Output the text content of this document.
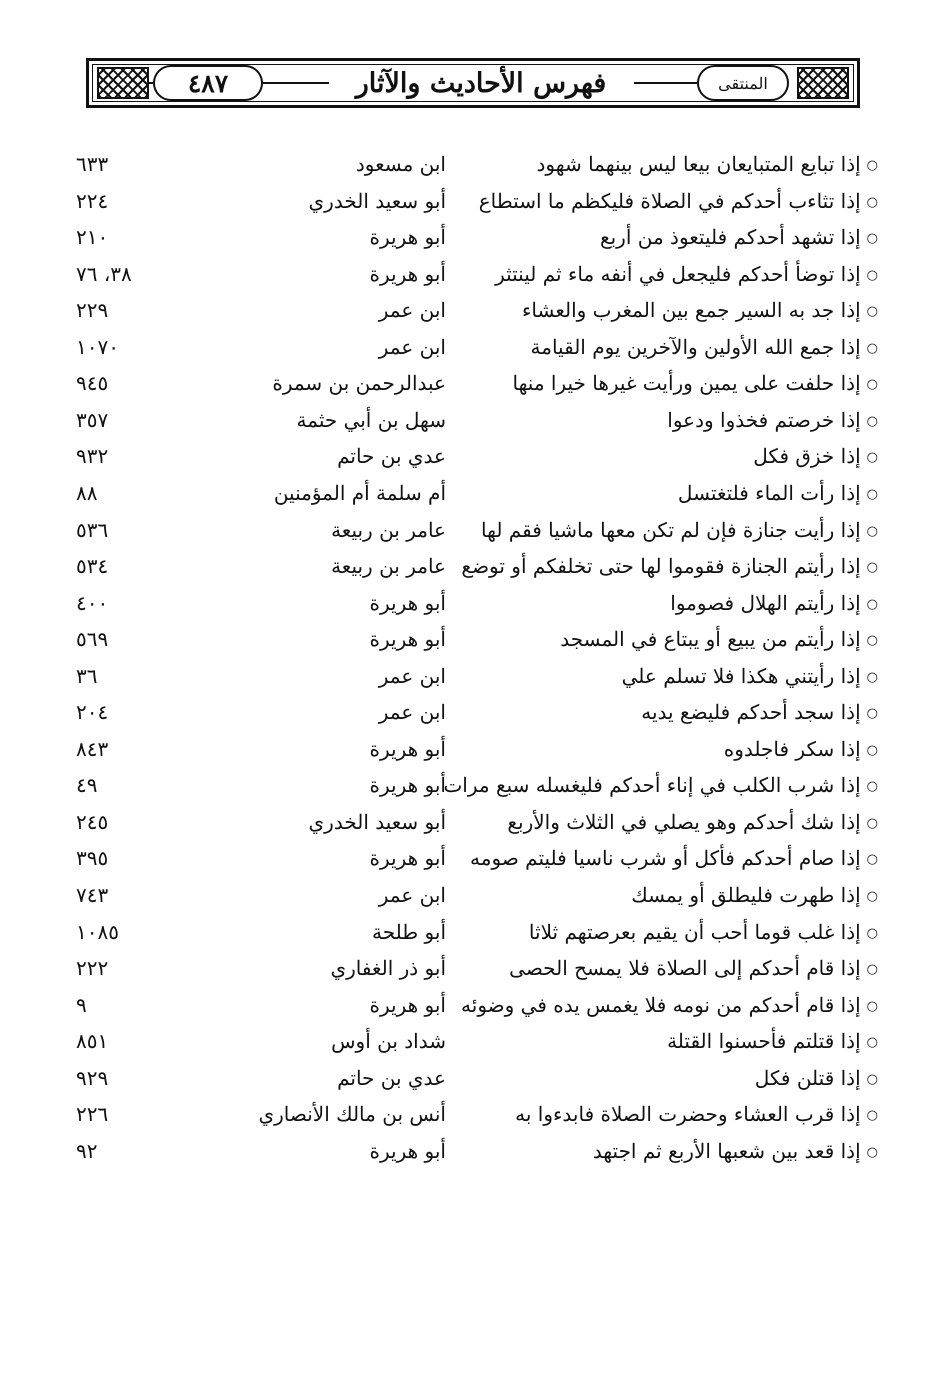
٤٨٧	فهرس الأحاديث والآثار	المنتقى
○إذا تبايع المتبايعان بيعا ليس بينهما شهود
ابن مسعود
٦٣٣
○إذا تثاءب أحدكم في الصلاة فليكظم ما استطاع
أبو سعيد الخدري
٢٢٤
○إذا تشهد أحدكم فليتعوذ من أربع
أبو هريرة
٢١٠
○إذا توضأ أحدكم فليجعل في أنفه ماء ثم لينتثر
أبو هريرة
٣٨، ٧٦
○إذا جد به السير جمع بين المغرب والعشاء
ابن عمر
٢٢٩
○إذا جمع الله الأولين والآخرين يوم القيامة
ابن عمر
١٠٧٠
○إذا حلفت على يمين ورأيت غيرها خيرا منها
عبدالرحمن بن سمرة
٩٤٥
○إذا خرصتم فخذوا ودعوا
سهل بن أبي حثمة
٣٥٧
○إذا خزق فكل
عدي بن حاتم
٩٣٢
○إذا رأت الماء فلتغتسل
أم سلمة أم المؤمنين
٨٨
○إذا رأيت جنازة فإن لم تكن معها ماشيا فقم لها
عامر بن ربيعة
٥٣٦
○إذا رأيتم الجنازة فقوموا لها حتى تخلفكم أو توضع
عامر بن ربيعة
٥٣٤
○إذا رأيتم الهلال فصوموا
أبو هريرة
٤٠٠
○إذا رأيتم من يبيع أو يبتاع في المسجد
أبو هريرة
٥٦٩
○إذا رأيتني هكذا فلا تسلم علي
ابن عمر
٣٦
○إذا سجد أحدكم فليضع يديه
ابن عمر
٢٠٤
○إذا سكر فاجلدوه
أبو هريرة
٨٤٣
○إذا شرب الكلب في إناء أحدكم فليغسله سبع مرات
أبو هريرة
٤٩
○إذا شك أحدكم وهو يصلي في الثلاث والأربع
أبو سعيد الخدري
٢٤٥
○إذا صام أحدكم فأكل أو شرب ناسيا فليتم صومه
أبو هريرة
٣٩٥
○إذا طهرت فليطلق أو يمسك
ابن عمر
٧٤٣
○إذا غلب قوما أحب أن يقيم بعرصتهم ثلاثا
أبو طلحة
١٠٨٥
○إذا قام أحدكم إلى الصلاة فلا يمسح الحصى
أبو ذر الغفاري
٢٢٢
○إذا قام أحدكم من نومه فلا يغمس يده في وضوئه
أبو هريرة
٩
○إذا قتلتم فأحسنوا القتلة
شداد بن أوس
٨٥١
○إذا قتلن فكل
عدي بن حاتم
٩٢٩
○إذا قرب العشاء وحضرت الصلاة فابدءوا به
أنس بن مالك الأنصاري
٢٢٦
○إذا قعد بين شعبها الأربع ثم اجتهد
أبو هريرة
٩٢
